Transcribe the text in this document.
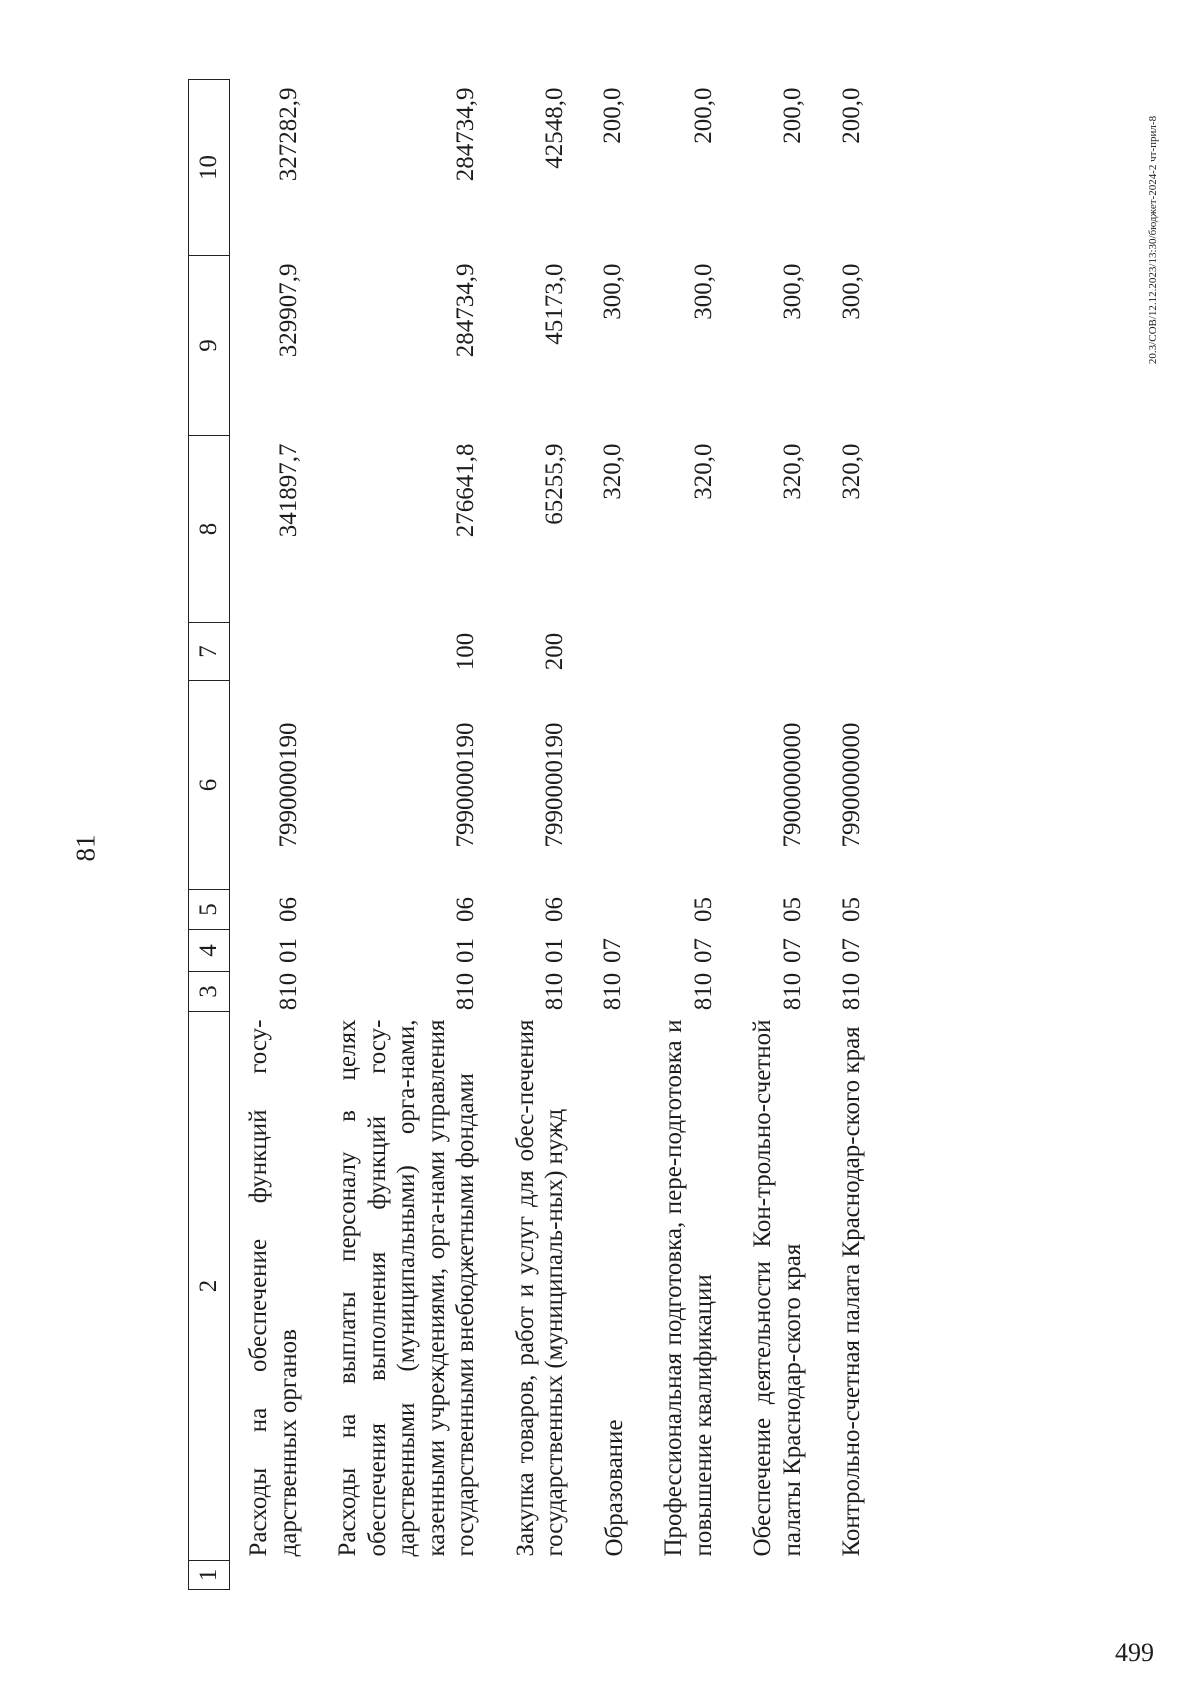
81
1	2	3	4	5	6	7	8	9	10
	Расходы на обеспечение функций госу-дарственных органов	810	01	06	7990000190		341897,7	329907,9	327282,9
	Расходы на выплаты персоналу в целях обеспечения выполнения функций госу-дарственными (муниципальными) орга-нами, казенными учреждениями, орга-нами управления государственными внебюджетными фондами	810	01	06	7990000190	100	276641,8	284734,9	284734,9
	Закупка товаров, работ и услуг для обес-печения государственных (муниципаль-ных) нужд	810	01	06	7990000190	200	65255,9	45173,0	42548,0
	Образование	810	07				320,0	300,0	200,0
	Профессиональная подготовка, пере-подготовка и повышение квалификации	810	07	05			320,0	300,0	200,0
	Обеспечение деятельности Кон-трольно-счетной палаты Краснодар-ского края	810	07	05	7900000000		320,0	300,0	200,0
	Контрольно-счетная палата Краснодар-ского края	810	07	05	7990000000		320,0	300,0	200,0
20.3/СОВ/12.12.2023/13:30/бюджет-2024-2 чт-прил-8
499
